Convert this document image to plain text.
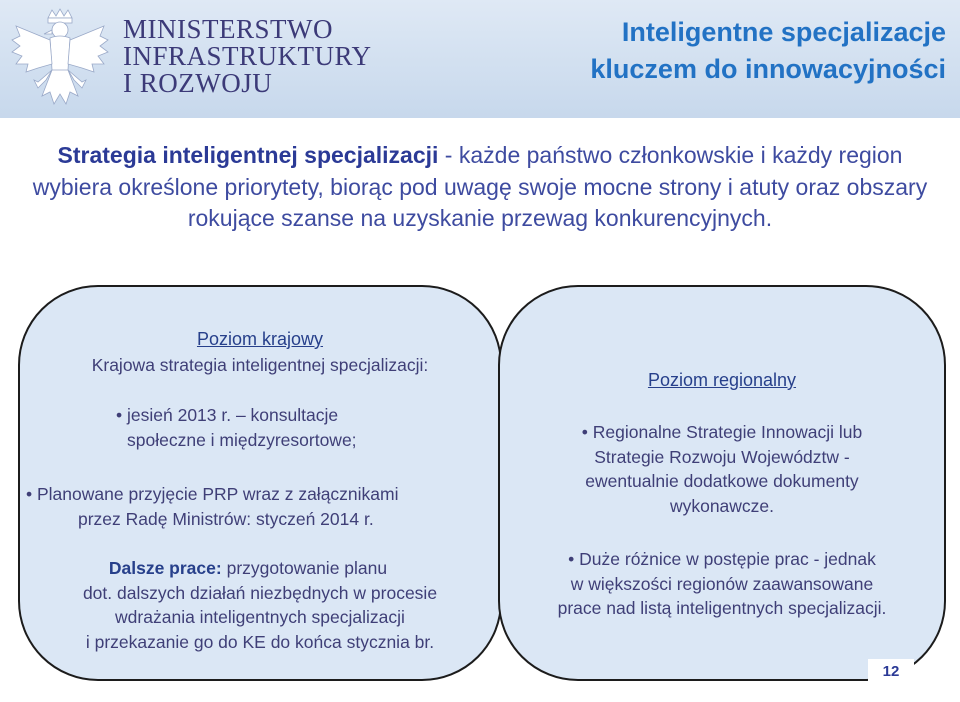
MINISTERSTWO
INFRASTRUKTURY
I ROZWOJU
Inteligentne specjalizacje
kluczem do innowacyjności
Strategia inteligentnej specjalizacji - każde państwo członkowskie i każdy region wybiera określone priorytety, biorąc pod uwagę swoje mocne strony i atuty oraz obszary rokujące szanse na uzyskanie przewag konkurencyjnych.
Poziom krajowy
Krajowa strategia inteligentnej specjalizacji:
• jesień 2013 r. – konsultacje
społeczne i międzyresortowe;
• Planowane przyjęcie PRP wraz z załącznikami
przez Radę Ministrów: styczeń 2014 r.
Dalsze prace: przygotowanie planu
dot. dalszych działań niezbędnych w procesie
wdrażania inteligentnych specjalizacji
i przekazanie go do KE do końca stycznia br.
Poziom regionalny
• Regionalne Strategie Innowacji lub
Strategie Rozwoju Województw -
ewentualnie dodatkowe dokumenty
wykonawcze.
• Duże różnice w postępie prac - jednak
w większości regionów zaawansowane
prace nad listą inteligentnych specjalizacji.
12
